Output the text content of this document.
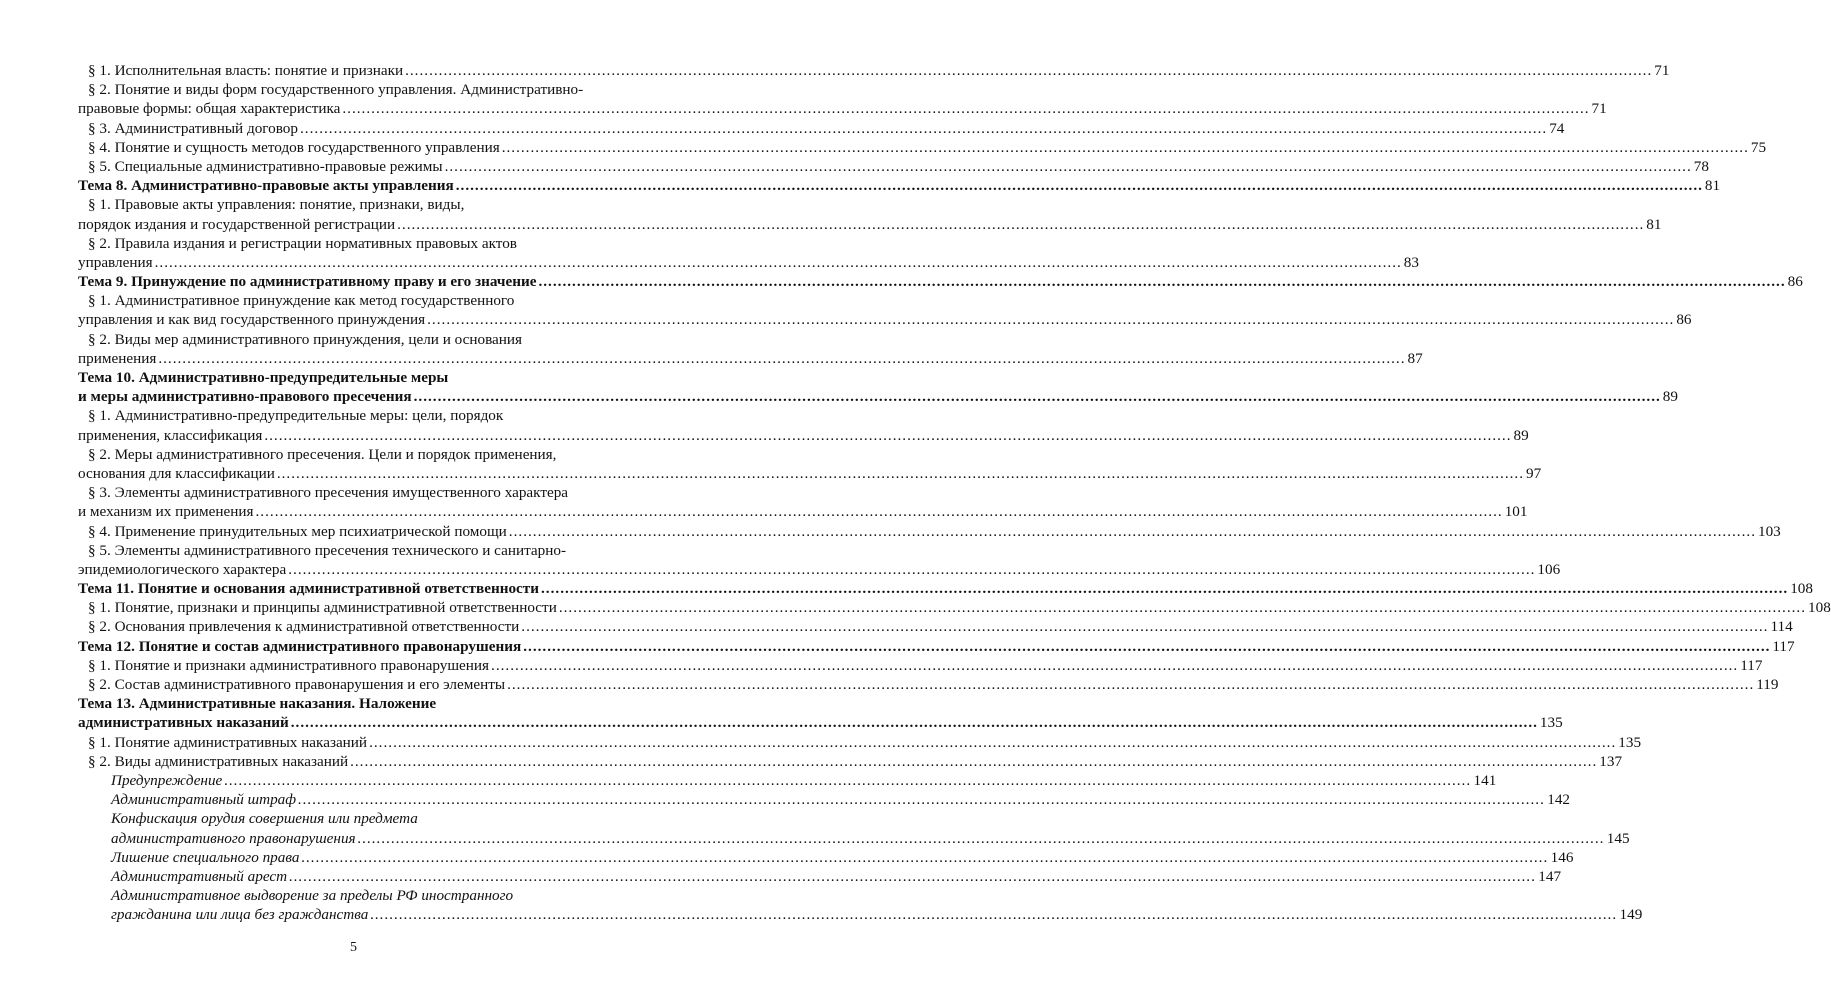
§ 1. Исполнительная власть: понятие и признаки .....	71
§ 2. Понятие и виды форм государственного управления. Административно-
правовые формы: общая характеристика .....	71
§ 3. Административный договор .....	74
§ 4. Понятие и сущность методов государственного управления .....	75
§ 5. Специальные административно-правовые режимы .....	78
Тема 8. Административно-правовые акты управления .....	81
§ 1. Правовые акты управления: понятие, признаки, виды,
порядок издания и государственной регистрации .....	81
§ 2. Правила издания и регистрации нормативных правовых актов
управления .....	83
Тема 9. Принуждение по административному праву и его значение .....	86
§ 1. Административное принуждение как метод государственного
управления и как вид государственного принуждения .....	86
§ 2. Виды мер административного принуждения, цели и основания
применения .....	87
Тема 10. Административно-предупредительные меры
и меры административно-правового пресечения .....	89
§ 1. Административно-предупредительные меры: цели, порядок
применения, классификация .....	89
§ 2. Меры административного пресечения. Цели и порядок применения,
основания для классификации .....	97
§ 3. Элементы административного пресечения имущественного характера
и механизм их применения .....	101
§ 4. Применение принудительных мер психиатрической помощи .....	103
§ 5. Элементы административного пресечения технического и санитарно-
эпидемиологического характера .....	106
Тема 11. Понятие и основания административной ответственности .....	108
§ 1. Понятие, признаки и принципы административной ответственности .....	108
§ 2. Основания привлечения к административной ответственности .....	114
Тема 12. Понятие и состав административного правонарушения .....	117
§ 1. Понятие и признаки административного правонарушения .....	117
§ 2. Состав административного правонарушения и его элементы .....	119
Тема 13. Административные наказания. Наложение
административных наказаний .....	135
§ 1. Понятие административных наказаний .....	135
§ 2. Виды административных наказаний .....	137
Предупреждение .....	141
Административный штраф .....	142
Конфискация орудия совершения или предмета
административного правонарушения .....	145
Лишение специального права .....	146
Административный арест .....	147
Административное выдворение за пределы РФ иностранного
гражданина или лица без гражданства .....	149
5
